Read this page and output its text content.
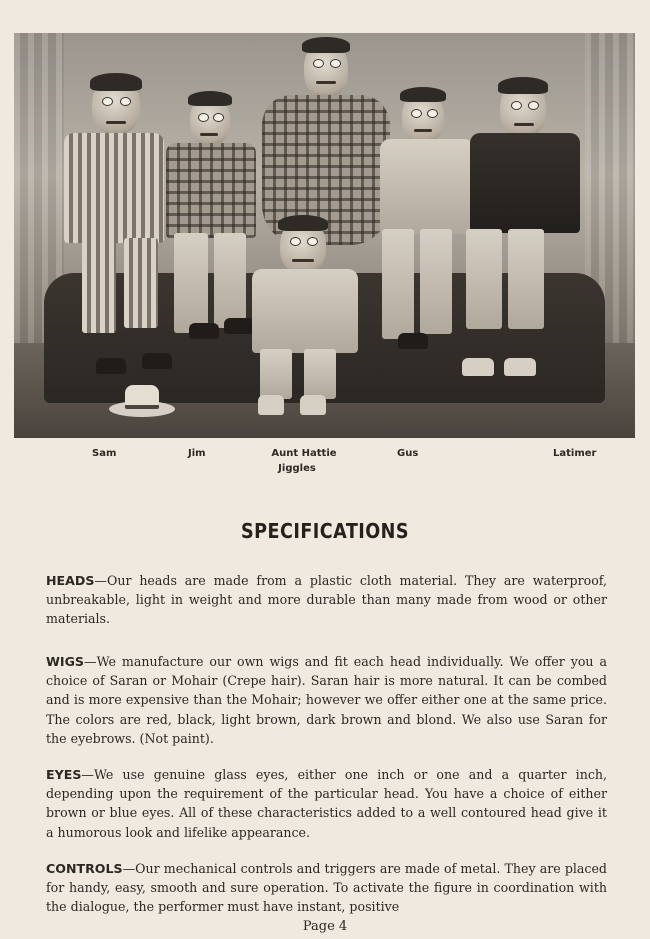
Sam	Jim	Aunt Hattie
Jiggles
Gus	Latimer
SPECIFICATIONS

HEADS—Our heads are made from a plastic cloth material. They are waterproof, unbreakable, light in weight and more durable than many made from wood or other materials.

WIGS—We manufacture our own wigs and fit each head individually. We offer you a choice of Saran or Mohair (Crepe hair). Saran hair is more natural. It can be combed and is more expensive than the Mohair; however we offer either one at the same price. The colors are red, black, light brown, dark brown and blond. We also use Saran for the eyebrows. (Not paint).

EYES—We use genuine glass eyes, either one inch or one and a quarter inch, depending upon the requirement of the particular head. You have a choice of either brown or blue eyes. All of these characteristics added to a well contoured head give it a humorous look and lifelike appearance.

CONTROLS—Our mechanical controls and triggers are made of metal. They are placed for handy, easy, smooth and sure operation. To activate the figure in coordination with the dialogue, the performer must have instant, positive

Page 4
